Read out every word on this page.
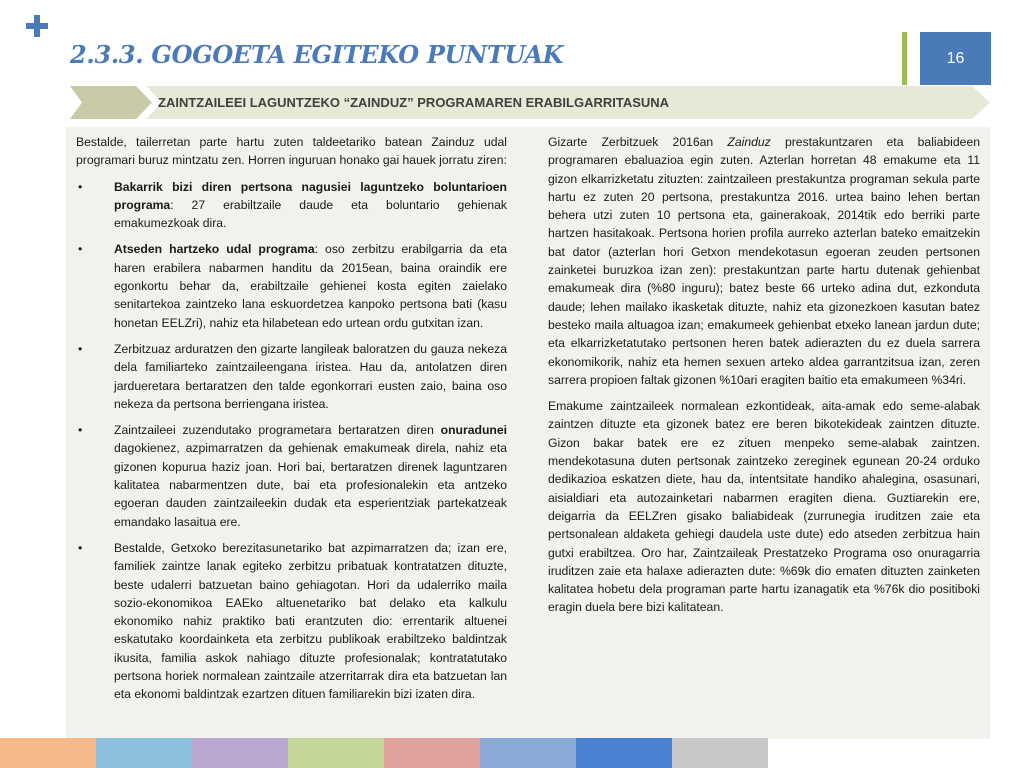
2.3.3. GOGOETA EGITEKO PUNTUAK	16
ZAINTZAILEEI LAGUNTZEKO “ZAINDUZ” PROGRAMAREN ERABILGARRITASUNA

Bestalde, tailerretan parte hartu zuten taldeetariko batean Zainduz udal programari buruz mintzatu zen. Horren inguruan honako gai hauek jorratu ziren:

•	Bakarrik bizi diren pertsona nagusiei laguntzeko boluntarioen programa: 27 erabiltzaile daude eta boluntario gehienak emakumezkoak dira.
•	Atseden hartzeko udal programa: oso zerbitzu erabilgarria da eta haren erabilera nabarmen handitu da 2015ean, baina oraindik ere egonkortu behar da, erabiltzaile gehienei kosta egiten zaielako senitartekoa zaintzeko lana eskuordetzea kanpoko pertsona bati (kasu honetan EELZri), nahiz eta hilabetean edo urtean ordu gutxitan izan.
•	Zerbitzuaz arduratzen den gizarte langileak baloratzen du gauza nekeza dela familiarteko zaintzaileengana iristea. Hau da, antolatzen diren jardueretara bertaratzen den talde egonkorrari eusten zaio, baina oso nekeza da pertsona berriengana iristea.
•	Zaintzaileei zuzendutako programetara bertaratzen diren onuradunei dagokienez, azpimarratzen da gehienak emakumeak direla, nahiz eta gizonen kopurua haziz joan. Hori bai, bertaratzen direnek laguntzaren kalitatea nabarmentzen dute, bai eta profesionalekin eta antzeko egoeran dauden zaintzaileekin dudak eta esperientziak partekatzeak emandako lasaitua ere.
•	Bestalde, Getxoko berezitasunetariko bat azpimarratzen da; izan ere, familiek zaintze lanak egiteko zerbitzu pribatuak kontratatzen dituzte, beste udalerri batzuetan baino gehiagotan. Hori da udalerriko maila sozio-ekonomikoa EAEko altuenetariko bat delako eta kalkulu ekonomiko nahiz praktiko bati erantzuten dio: errentarik altuenei eskatutako koordainketa eta zerbitzu publikoak erabiltzeko baldintzak ikusita, familia askok nahiago dituzte profesionalak; kontratatutako pertsona horiek normalean zaintzaile atzerritarrak dira eta batzuetan lan eta ekonomi baldintzak ezartzen dituen familiarekin bizi izaten dira.

Gizarte Zerbitzuek 2016an Zainduz prestakuntzaren eta baliabideen programaren ebaluazioa egin zuten. Azterlan horretan 48 emakume eta 11 gizon elkarrizketatu zituzten: zaintzaileen prestakuntza programan sekula parte hartu ez zuten 20 pertsona, prestakuntza 2016. urtea baino lehen bertan behera utzi zuten 10 pertsona eta, gainerakoak, 2014tik edo berriki parte hartzen hasitakoak. Pertsona horien profila aurreko azterlan bateko emaitzekin bat dator (azterlan hori Getxon mendekotasun egoeran zeuden pertsonen zainketei buruzkoa izan zen): prestakuntzan parte hartu dutenak gehienbat emakumeak dira (%80 inguru); batez beste 66 urteko adina dut, ezkonduta daude; lehen mailako ikasketak dituzte, nahiz eta gizonezkoen kasutan batez besteko maila altuagoa izan; emakumeek gehienbat etxeko lanean jardun dute; eta elkarrizketatutako pertsonen heren batek adierazten du ez duela sarrera ekonomikorik, nahiz eta hemen sexuen arteko aldea garrantzitsua izan, zeren sarrera propioen faltak gizonen %10ari eragiten baitio eta emakumeen %34ri.

Emakume zaintzaileek normalean ezkontideak, aita-amak edo seme-alabak zaintzen dituzte eta gizonek batez ere beren bikotekideak zaintzen dituzte. Gizon bakar batek ere ez zituen menpeko seme-alabak zaintzen. mendekotasuna duten pertsonak zaintzeko zereginek egunean 20-24 orduko dedikazioa eskatzen diete, hau da, intentsitate handiko ahalegina, osasunari, aisialdiari eta autozainketari nabarmen eragiten diena. Guztiarekin ere, deigarria da EELZren gisako baliabideak (zurrunegia iruditzen zaie eta pertsonalean aldaketa gehiegi daudela uste dute) edo atseden zerbitzua hain gutxi erabiltzea. Oro har, Zaintzaileak Prestatzeko Programa oso onuragarria iruditzen zaie eta halaxe adierazten dute: %69k dio ematen dituzten zainketen kalitatea hobetu dela programan parte hartu izanagatik eta %76k dio positiboki eragin duela bere bizi kalitatean.
